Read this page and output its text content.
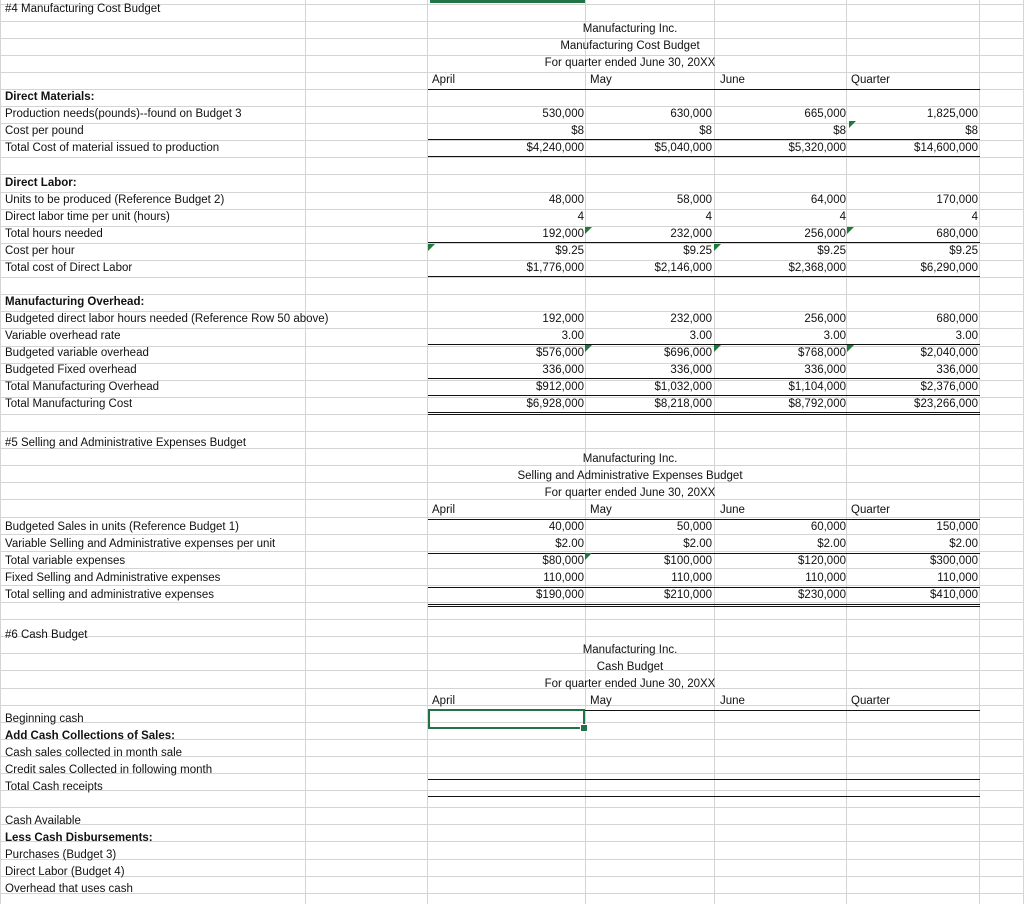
#4 Manufacturing Cost Budget
Manufacturing Inc.
Manufacturing Cost Budget
For quarter ended June 30, 20XX
April	May	June	Quarter
Direct Materials:
Production needs(pounds)--found on Budget 3	530,000	630,000	665,000	1,825,000
Cost per pound	$8	$8	$8	$8
Total Cost of material issued to production	$4,240,000	$5,040,000	$5,320,000	$14,600,000
Direct Labor:
Units to be produced (Reference Budget 2)	48,000	58,000	64,000	170,000
Direct labor time per unit (hours)	4	4	4	4
Total hours needed	192,000	232,000	256,000	680,000
Cost per hour	$9.25	$9.25	$9.25	$9.25
Total cost of Direct Labor	$1,776,000	$2,146,000	$2,368,000	$6,290,000
Manufacturing Overhead:
Budgeted direct labor hours needed (Reference Row 50 above)	192,000	232,000	256,000	680,000
Variable overhead rate	3.00	3.00	3.00	3.00
Budgeted variable overhead	$576,000	$696,000	$768,000	$2,040,000
Budgeted Fixed overhead	336,000	336,000	336,000	336,000
Total Manufacturing Overhead	$912,000	$1,032,000	$1,104,000	$2,376,000
Total Manufacturing Cost	$6,928,000	$8,218,000	$8,792,000	$23,266,000
#5 Selling and Administrative Expenses Budget
Manufacturing Inc.
Selling and Administrative Expenses Budget
For quarter ended June 30, 20XX
April	May	June	Quarter
Budgeted Sales in units (Reference Budget 1)	40,000	50,000	60,000	150,000
Variable Selling and Administrative expenses per unit	$2.00	$2.00	$2.00	$2.00
Total variable expenses	$80,000	$100,000	$120,000	$300,000
Fixed Selling and Administrative expenses	110,000	110,000	110,000	110,000
Total selling and administrative expenses	$190,000	$210,000	$230,000	$410,000
#6 Cash Budget
Manufacturing Inc.
Cash Budget
For quarter ended June 30, 20XX
April	May	June	Quarter
Beginning cash
Add Cash Collections of Sales:
Cash sales collected in month sale
Credit sales Collected in following month
Total Cash receipts
Cash Available
Less Cash Disbursements:
Purchases (Budget 3)
Direct Labor (Budget 4)
Overhead that uses cash
